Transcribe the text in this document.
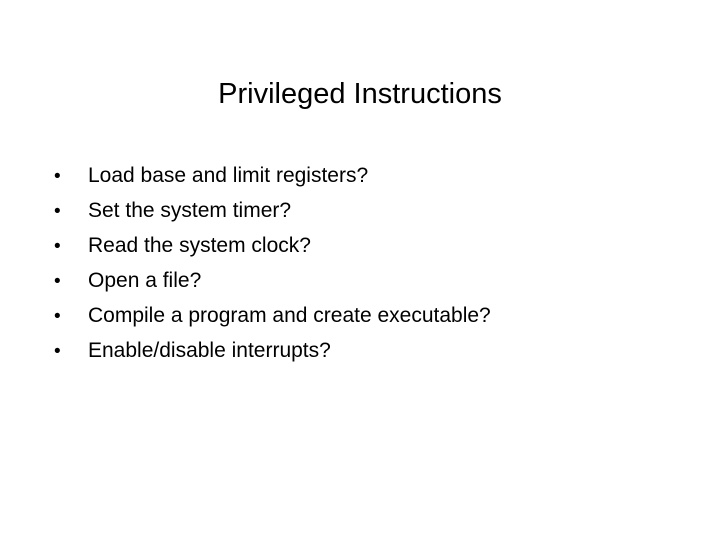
Privileged Instructions
• Load base and limit registers?
• Set the system timer?
• Read the system clock?
• Open a file?
• Compile a program and create executable?
• Enable/disable interrupts?
